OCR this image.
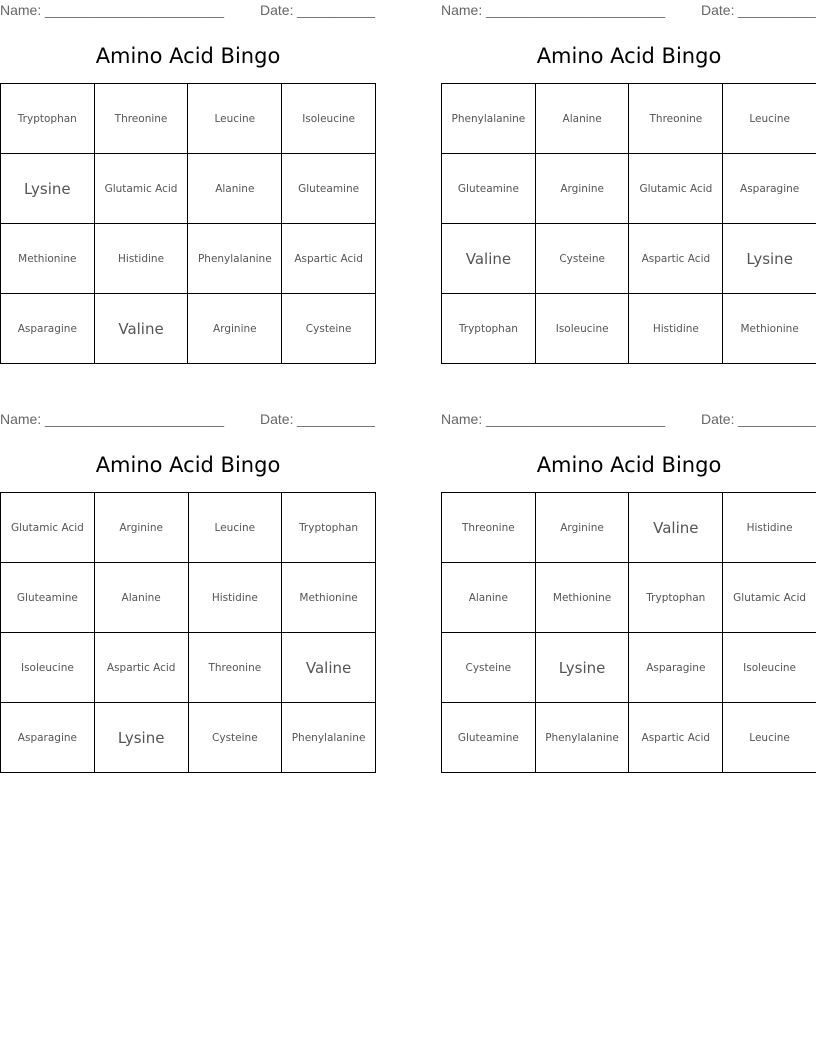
Name: _______________________	Date: __________
Amino Acid Bingo
Tryptophan	Threonine	Leucine	Isoleucine
Lysine	Glutamic Acid	Alanine	Gluteamine
Methionine	Histidine	Phenylalanine	Aspartic Acid
Asparagine	Valine	Arginine	Cysteine
Name: _______________________	Date: __________
Amino Acid Bingo
Phenylalanine	Alanine	Threonine	Leucine
Gluteamine	Arginine	Glutamic Acid	Asparagine
Valine	Cysteine	Aspartic Acid	Lysine
Tryptophan	Isoleucine	Histidine	Methionine
Name: _______________________	Date: __________
Amino Acid Bingo
Glutamic Acid	Arginine	Leucine	Tryptophan
Gluteamine	Alanine	Histidine	Methionine
Isoleucine	Aspartic Acid	Threonine	Valine
Asparagine	Lysine	Cysteine	Phenylalanine
Name: _______________________	Date: __________
Amino Acid Bingo
Threonine	Arginine	Valine	Histidine
Alanine	Methionine	Tryptophan	Glutamic Acid
Cysteine	Lysine	Asparagine	Isoleucine
Gluteamine	Phenylalanine	Aspartic Acid	Leucine
